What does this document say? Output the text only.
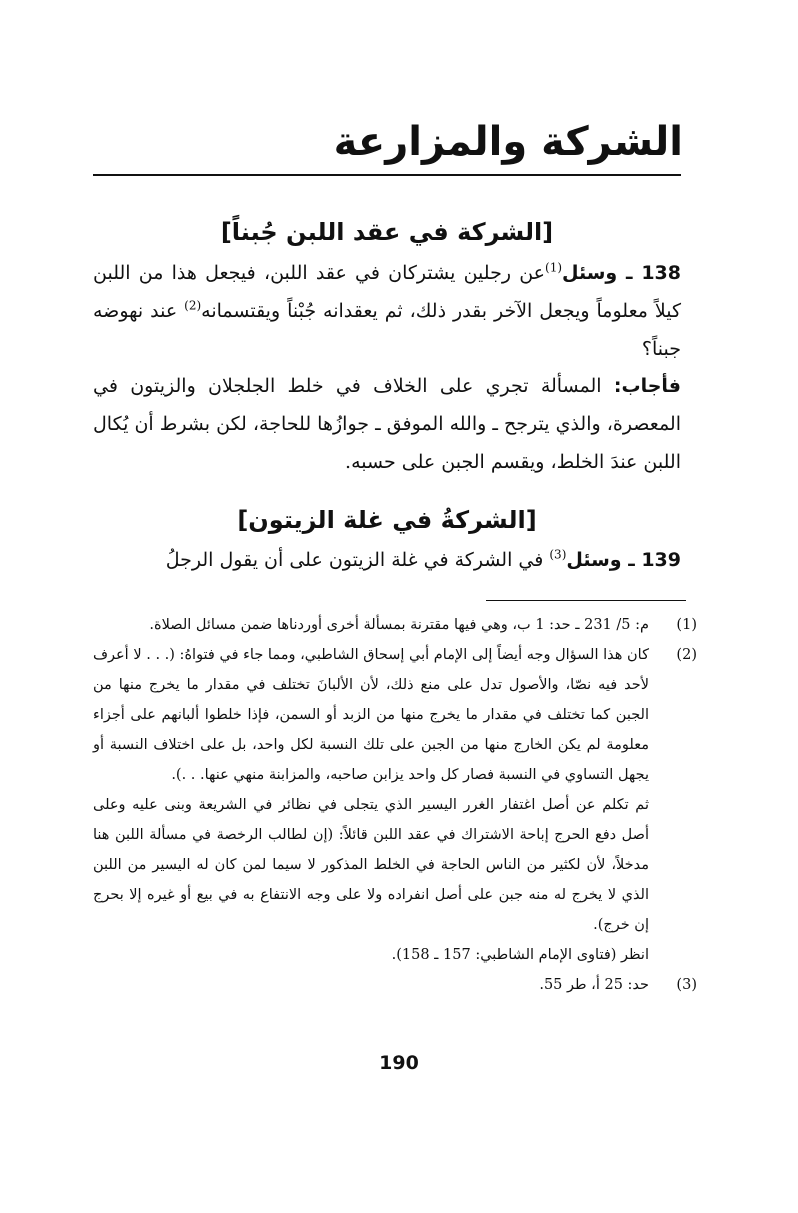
الشركة والمزارعة
[الشركة في عقد اللبن جُبناً]

138 ـ وسئل$^{(1)}$عن رجلين يشتركان في عقد اللبن، فيجعل هذا من اللبن كيلاً معلوماً ويجعل الآخر بقدر ذلك، ثم يعقدانه جُبْناً ويقتسمانه$^{(2)}$ عند نهوضه جبناً؟

فأجاب: المسألة تجري على الخلاف في خلط الجلجلان والزيتون في المعصرة، والذي يترجح ـ والله الموفق ـ جوازُها للحاجة، لكن بشرط أن يُكال اللبن عندَ الخلط، ويقسم الجبن على حسبه.

[الشركةُ في غلة الزيتون]

139 ـ وسئل$^{(3)}$ في الشركة في غلة الزيتون على أن يقول الرجلُ

(1)

م: 5/ 231 ـ حد: 1 ب، وهي فيها مقترنة بمسألة أخرى أوردناها ضمن مسائل الصلاة.

(2)

كان هذا السؤال وجه أيضاً إلى الإمام أبي إسحاق الشاطبي، ومما جاء في فتواهُ: (. . . لا أعرف لأحد فيه نصّا، والأصول تدل على منع ذلك، لأن الألبانَ تختلف في مقدار ما يخرج منها من الجبن كما تختلف في مقدار ما يخرج منها من الزبد أو السمن، فإذا خلطوا ألبانهم على أجزاء معلومة لم يكن الخارج منها من الجبن على تلك النسبة لكل واحد، بل على اختلاف النسبة أو يجهل التساوي في النسبة فصار كل واحد يزابن صاحبه، والمزابنة منهي عنها. . .).

ثم تكلم عن أصل اغتفار الغرر اليسير الذي يتجلى في نظائر في الشريعة وبنى عليه وعلى أصل دفع الحرج إباحة الاشتراك في عقد اللبن قائلاً: (إن لطالب الرخصة في مسألة اللبن هنا مدخلاً، لأن لكثير من الناس الحاجة في الخلط المذكور لا سيما لمن كان له اليسير من اللبن الذي لا يخرج له منه جبن على أصل انفراده ولا على وجه الانتفاع به في بيع أو غيره إلا بحرج إن خرج).

انظر (فتاوى الإمام الشاطبي: 157 ـ 158).

(3)

حد: 25 أ، طر 55.

190
